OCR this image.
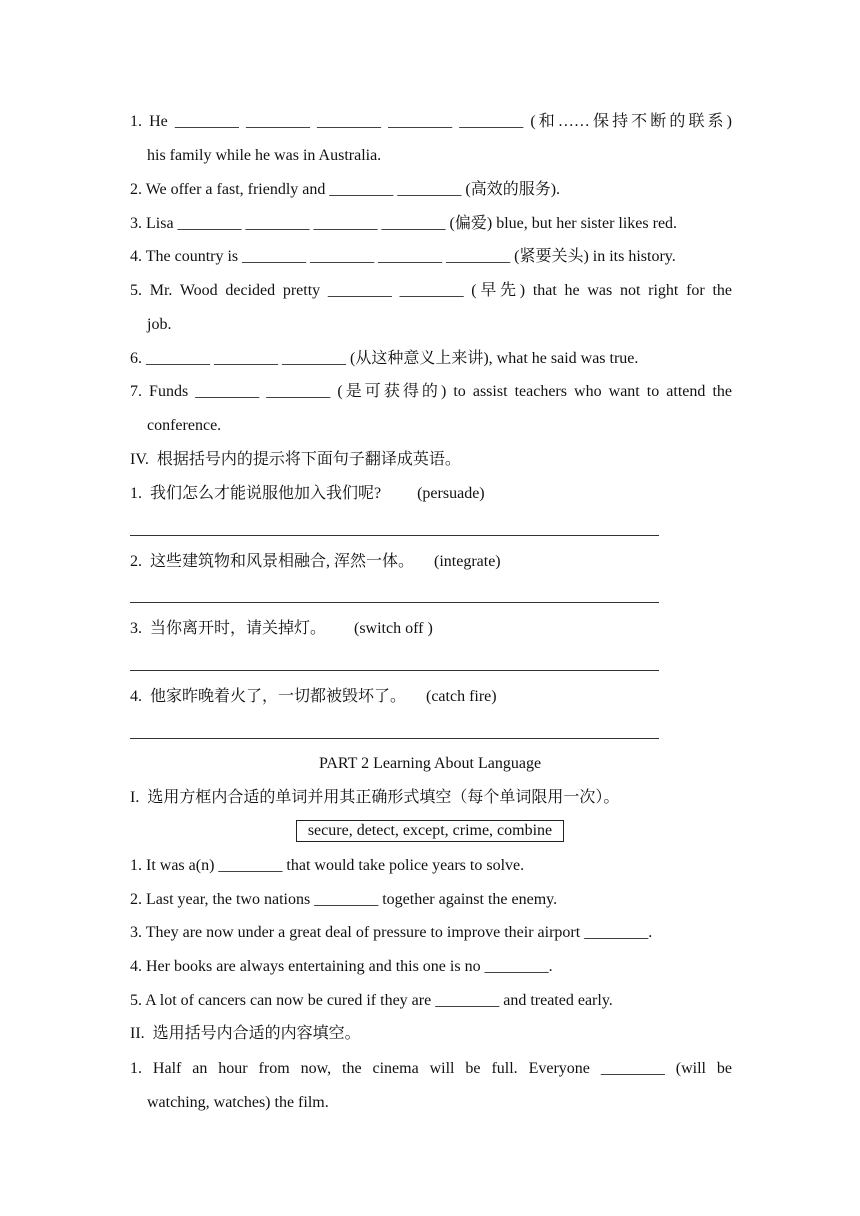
1. He ________ ________ ________ ________ ________ (和……保持不断的联系)
his family while he was in Australia.
2. We offer a fast, friendly and ________ ________ (高效的服务).
3. Lisa ________ ________ ________ ________ (偏爱) blue, but her sister likes red.
4. The country is ________ ________ ________ ________ (紧要关头) in its history.
5. Mr. Wood decided pretty ________ ________ (早先) that he was not right for the
job.
6. ________ ________ ________ (从这种意义上来讲), what he said was true.
7. Funds ________ ________ (是可获得的) to assist teachers who want to attend the
conference.
IV.  根据括号内的提示将下面句子翻译成英语。
1.  我们怎么才能说服他加入我们呢?         (persuade)
2.  这些建筑物和风景相融合, 浑然一体。     (integrate)
3.  当你离开时，请关掉灯。       (switch off )
4.  他家昨晚着火了，一切都被毁坏了。     (catch fire)
PART 2 Learning About Language
I.  选用方框内合适的单词并用其正确形式填空（每个单词限用一次）。
secure, detect, except, crime, combine
1. It was a(n) ________ that would take police years to solve.
2. Last year, the two nations ________ together against the enemy.
3. They are now under a great deal of pressure to improve their airport ________.
4. Her books are always entertaining and this one is no ________.
5. A lot of cancers can now be cured if they are ________ and treated early.
II.  选用括号内合适的内容填空。
1. Half an hour from now, the cinema will be full. Everyone ________ (will be
watching, watches) the film.
